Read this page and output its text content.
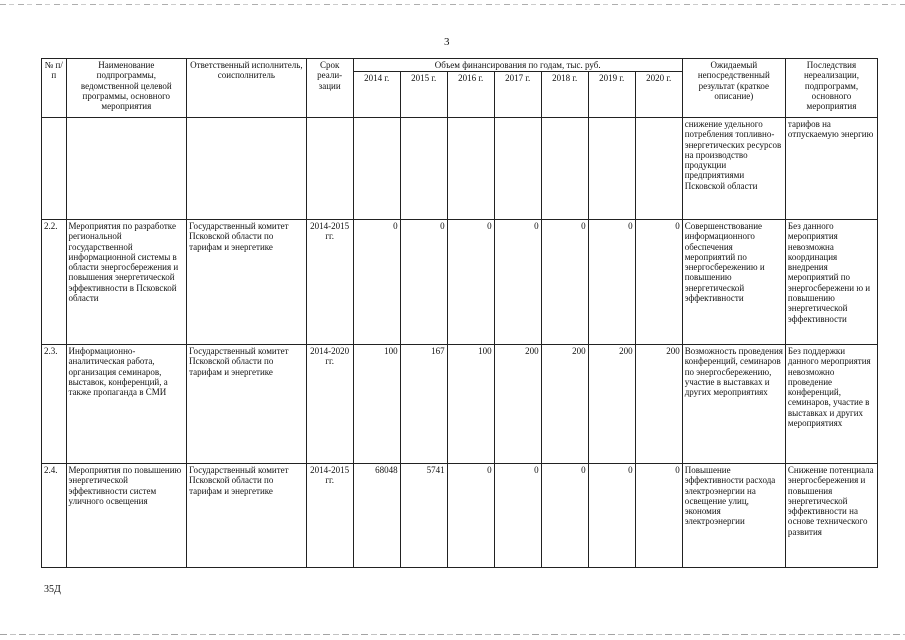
3
№ п/п	Наименование подпрограммы, ведомственной целевой программы, основного мероприятия	Ответственный исполнитель, соисполнитель	Срок реали-зации	Объем финансирования по годам, тыс. руб.							Ожидаемый непосредственный результат (краткое описание)	Последствия нереализации, подпрограмм, основного мероприятия
				2014 г.	2015 г.	2016 г.	2017 г.	2018 г.	2019 г.	2020 г.		
											снижение удельного потребления топливно-энергетических ресурсов на производство продукции предприятиями Псковской области	тарифов на отпускаемую энергию
2.2.	Мероприятия по разработке региональной государственной информационной системы в области энергосбережения и повышения энергетической эффективности в Псковской области	Государственный комитет Псковской области по тарифам и энергетике	2014-2015 гг.	0	0	0	0	0	0	0	Совершенствование информационного обеспечения мероприятий по энергосбережению и повышению энергетической эффективности	Без данного мероприятия невозможна координация внедрения мероприятий по энергосбережени ю и повышению энергетической эффективности
2.3.	Информационно-аналитическая работа, организация семинаров, выставок, конференций, а также пропаганда в СМИ	Государственный комитет Псковской области по тарифам и энергетике	2014-2020 гг.	100	167	100	200	200	200	200	Возможность проведения конференций, семинаров по энергосбережению, участие в выставках и других мероприятиях	Без поддержки данного мероприятия невозможно проведение конференций, семинаров, участие в выставках и других мероприятиях
2.4.	Мероприятия по повышению энергетической эффективности систем уличного освещения	Государственный комитет Псковской области по тарифам и энергетике	2014-2015 гг.	68048	5741	0	0	0	0	0	Повышение эффективности расхода электроэнергии на освещение улиц, экономия электроэнергии	Снижение потенциала энергосбережения и повышения энергетической эффективности на основе технического развития
35Д
